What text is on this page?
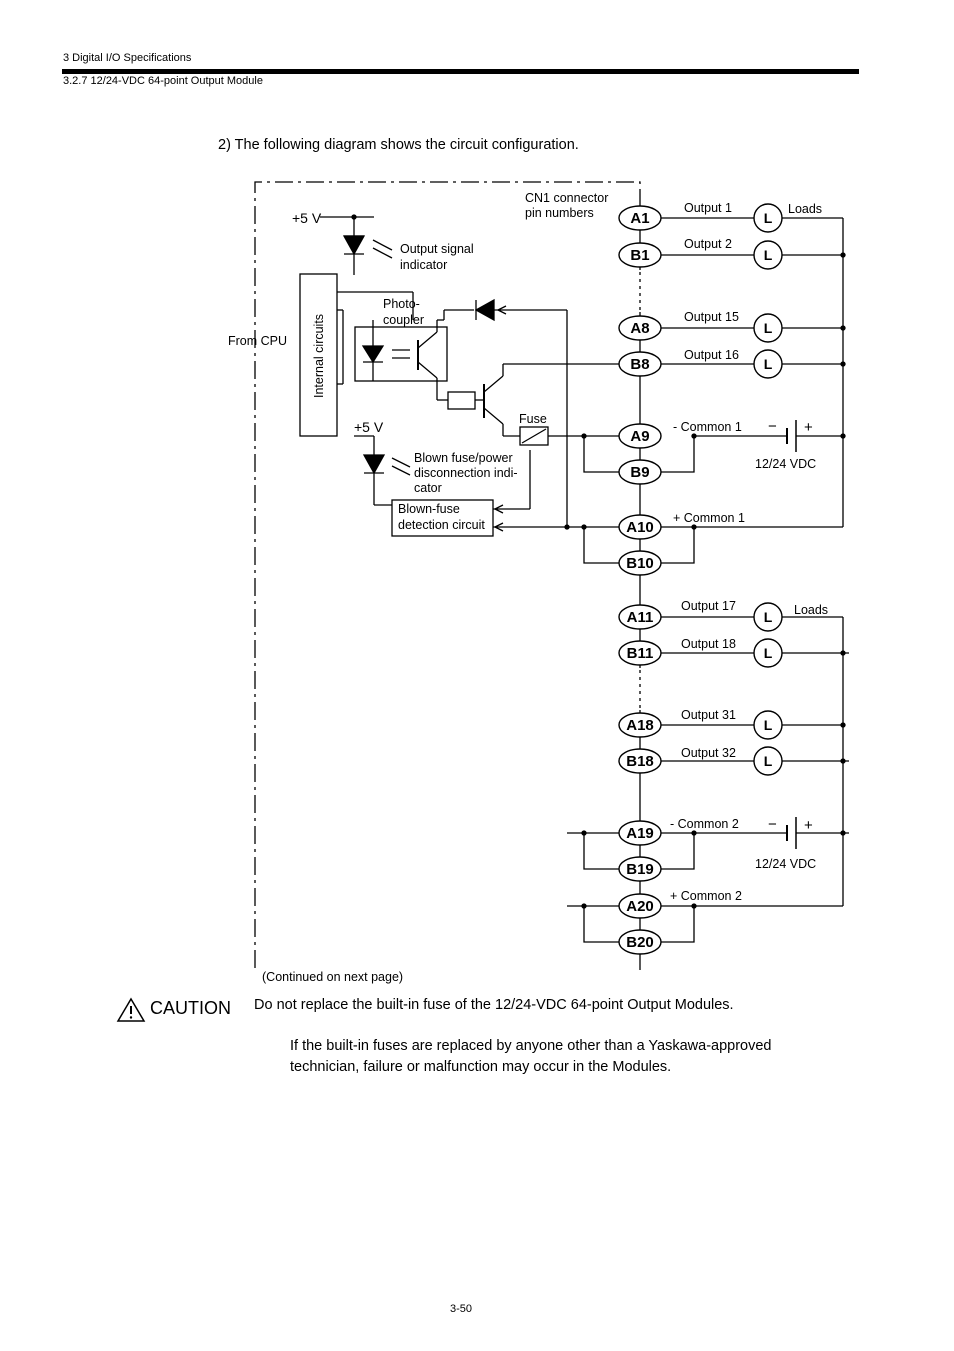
3 Digital I/O Specifications
3.2.7 12/24-VDC 64-point Output Module
2) The following diagram shows the circuit configuration.
A1
B1
A8
B8
A9
B9
A10
B10
A11
B11
A18
B18
A19
B19
A20
B20
L
L
L
L
L
L
L
L
+5 V
+5 V
Output signal
indicator
Photo-
coupler
From CPU Internal circuits
Fuse
Blown fuse/power
disconnection indi-
cator
Blown-fuse
detection circuit
CN1 connector
pin numbers	Loads
Loads
Output 1
Output 2
Output 15
Output 16
Output 17
Output 18
Output 31
Output 32
- Common 1
+ Common 1
- Common 2
+ Common 2
12/24 VDC
12/24 VDC
− +
− +
(Continued on next page)
CAUTION Do not replace the built-in fuse of the 12/24-VDC 64-point Output Modules.
If the built-in fuses are replaced by anyone other than a Yaskawa-approved
technician, failure or malfunction may occur in the Modules.
3-50
